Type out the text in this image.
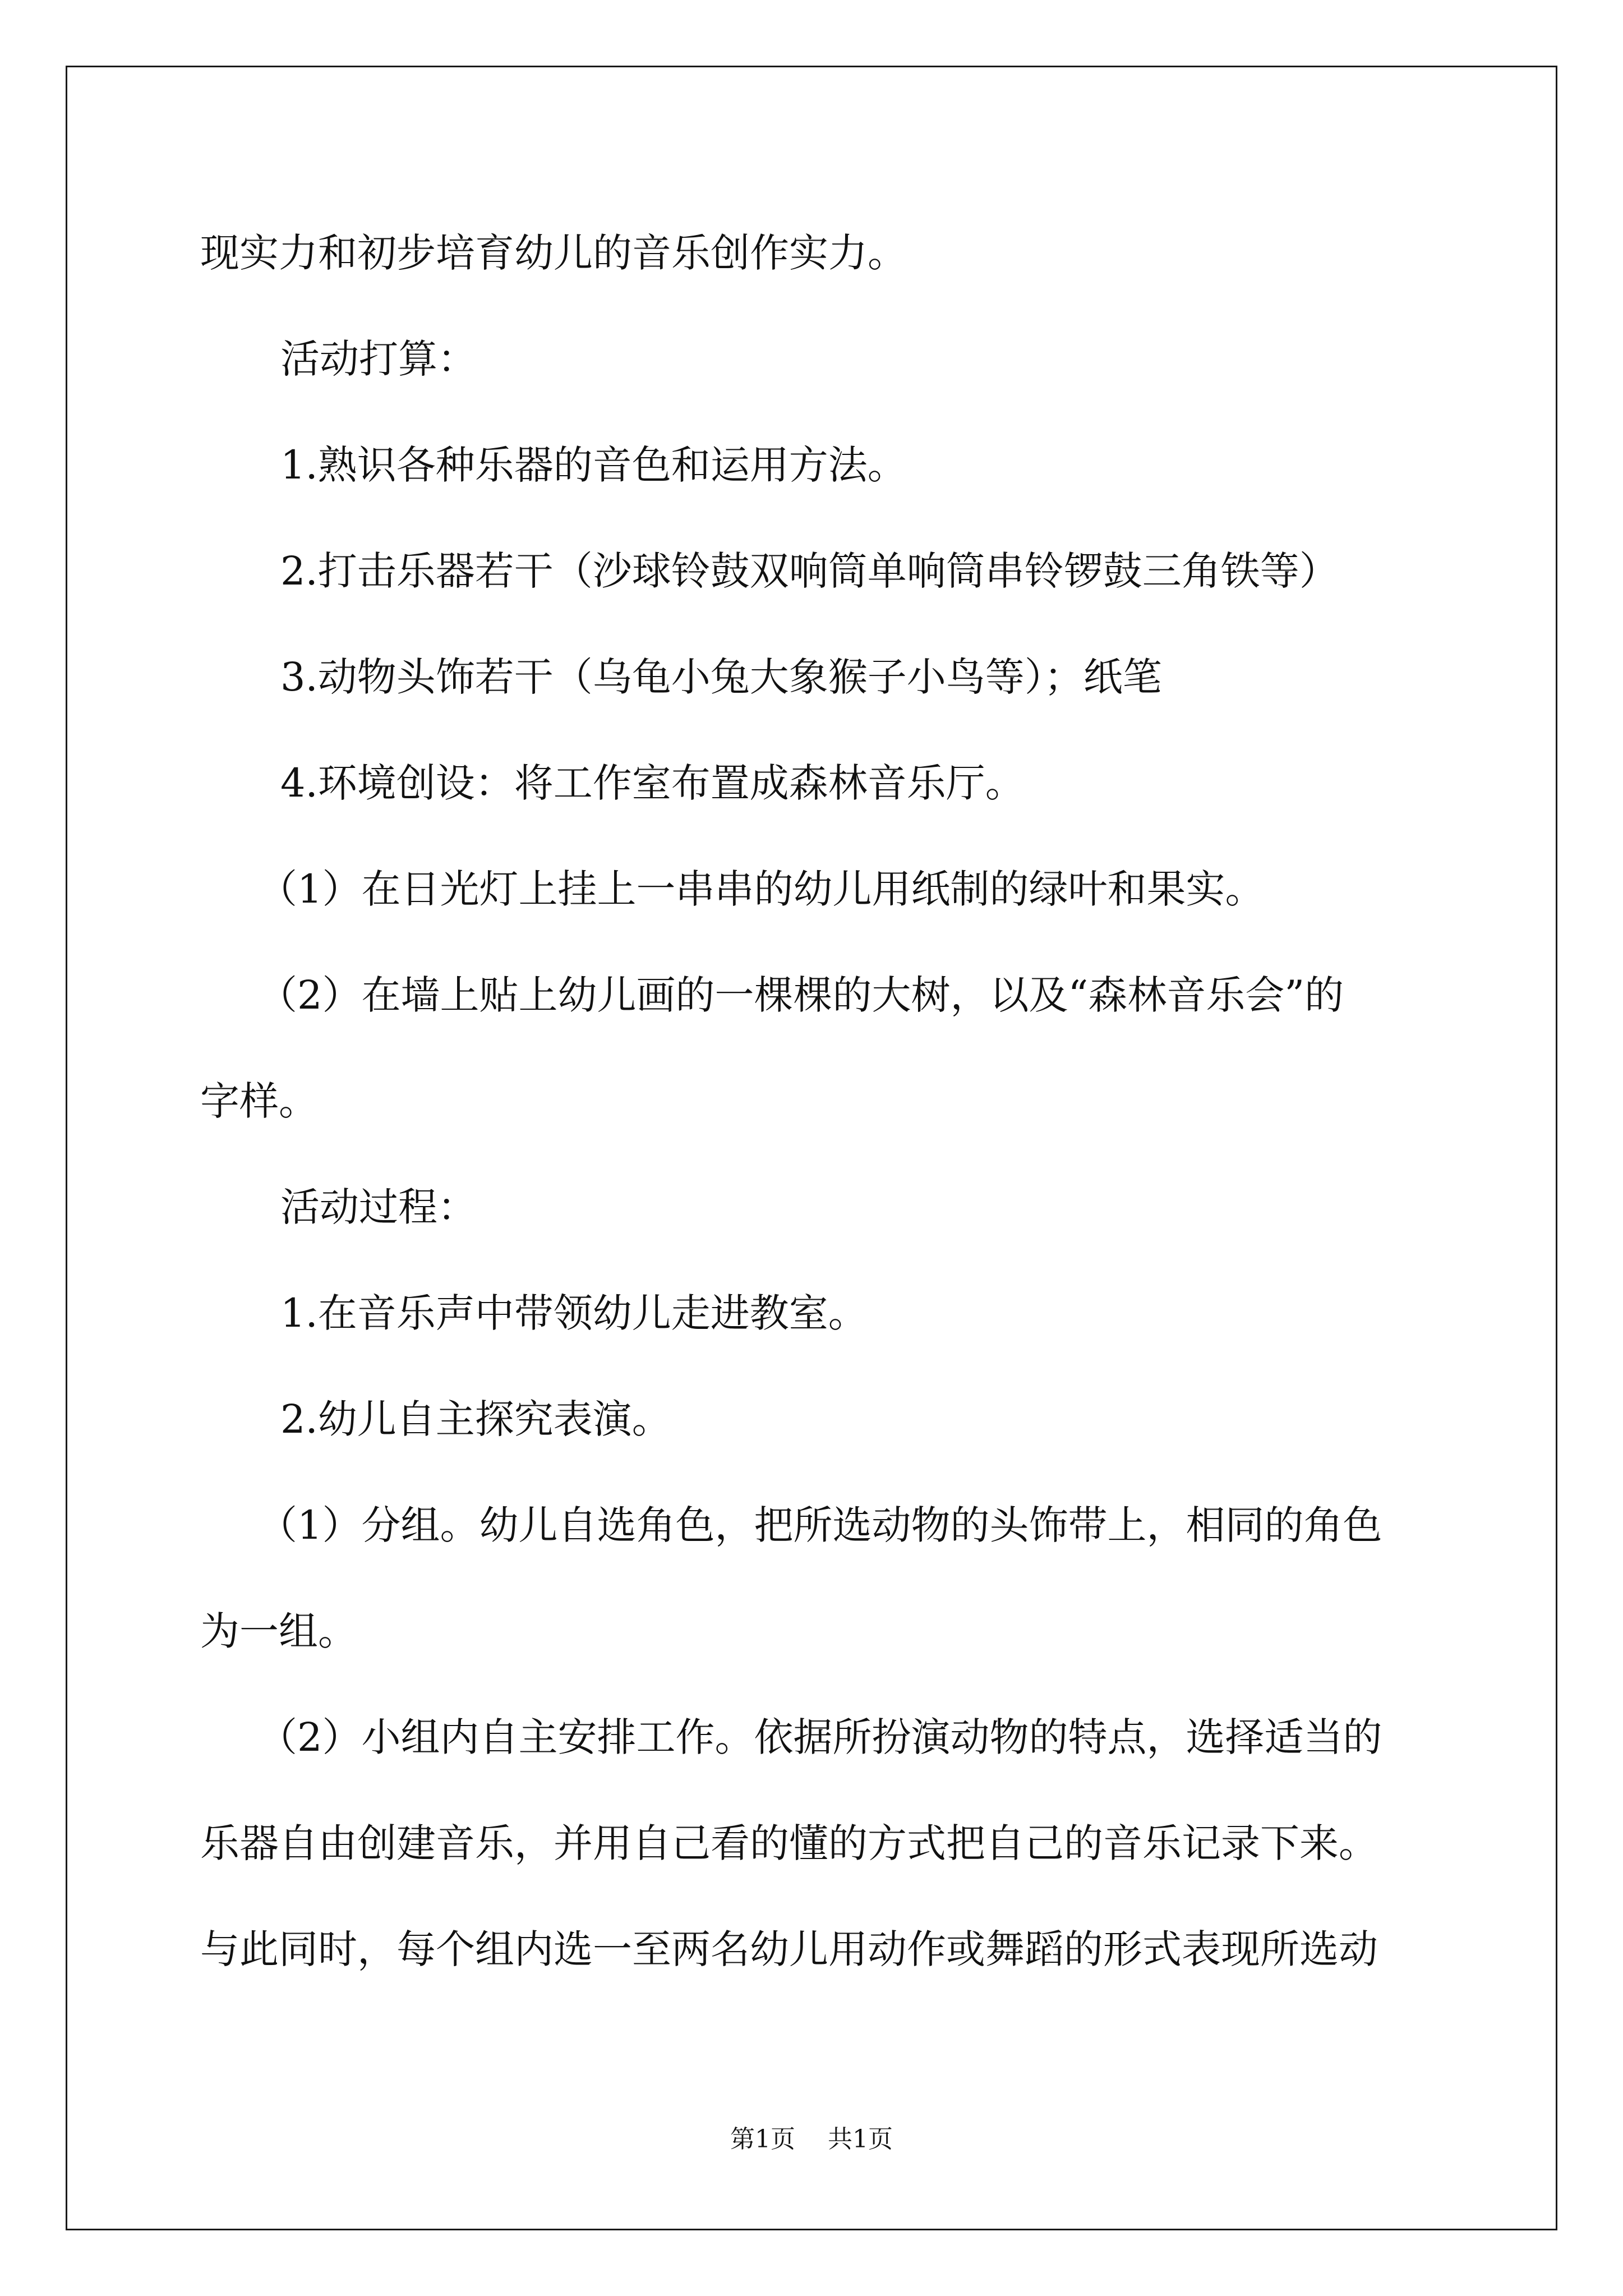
现实力和初步培育幼儿的音乐创作实力。
活动打算：
1.熟识各种乐器的音色和运用方法。
2.打击乐器若干（沙球铃鼓双响筒单响筒串铃锣鼓三角铁等）
3.动物头饰若干（乌龟小兔大象猴子小鸟等）；纸笔
4.环境创设：将工作室布置成森林音乐厅。
（1）在日光灯上挂上一串串的幼儿用纸制的绿叶和果实。
（2）在墙上贴上幼儿画的一棵棵的大树，以及“森林音乐会”的
字样。
活动过程：
1.在音乐声中带领幼儿走进教室。
2.幼儿自主探究表演。
（1）分组。幼儿自选角色，把所选动物的头饰带上，相同的角色
为一组。
（2）小组内自主安排工作。依据所扮演动物的特点，选择适当的
乐器自由创建音乐，并用自己看的懂的方式把自己的音乐记录下来。
与此同时，每个组内选一至两名幼儿用动作或舞蹈的形式表现所选动
第1页 共1页
